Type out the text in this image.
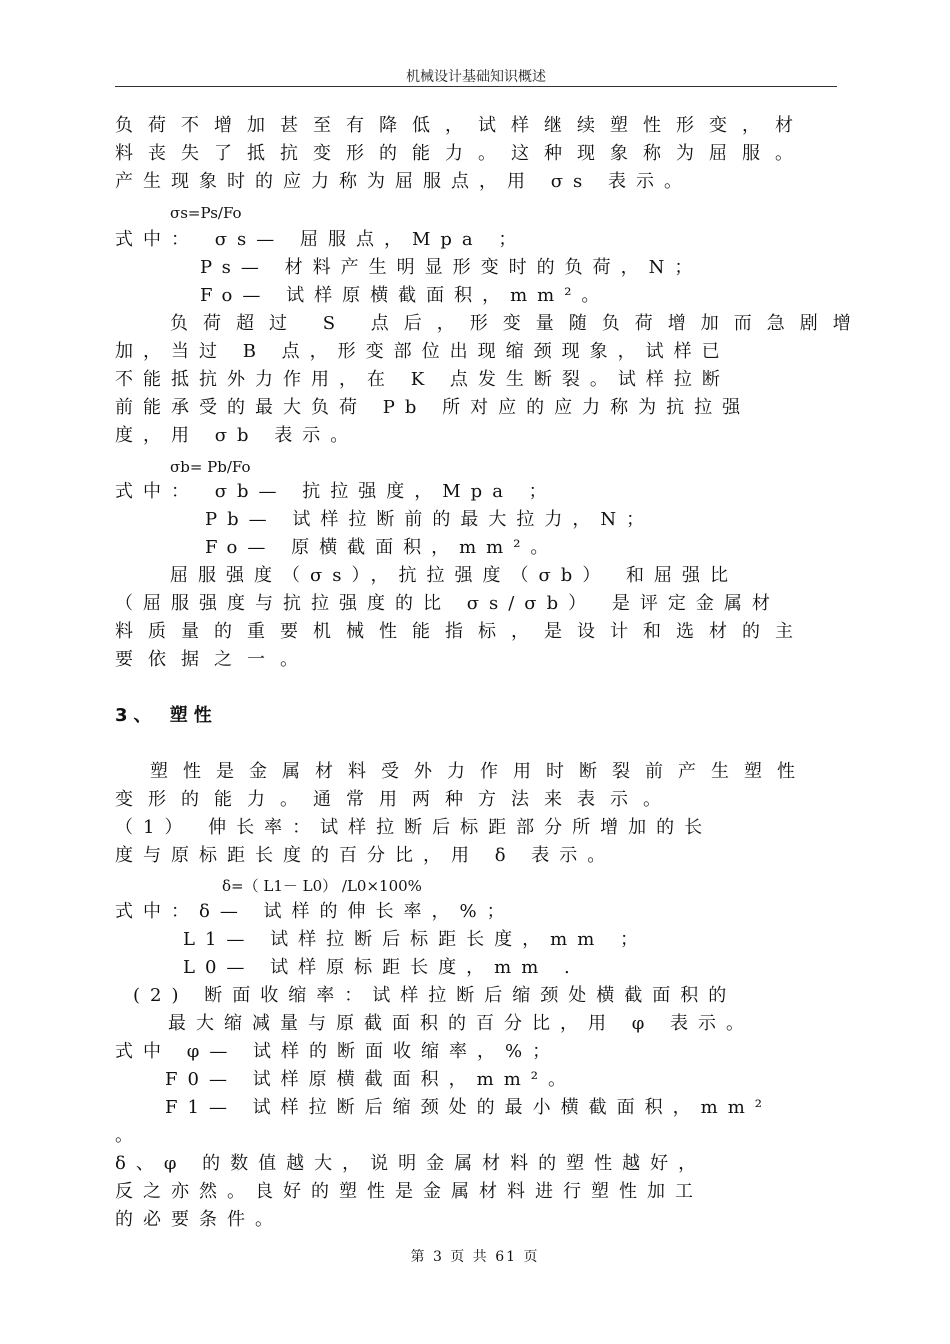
机械设计基础知识概述
负荷不增加甚至有降低，试样继续塑性形变，材
料丧失了抵抗变形的能力。这种现象称为屈服。
产生现象时的应力称为屈服点，用 σs 表示。
σs=Ps/Fo
式中： σs— 屈服点，Mpa ；
Ps— 材料产生明显形变时的负荷，N；
Fo— 试样原横截面积，mm²。
负荷超过 S 点后，形变量随负荷增加而急剧增
加，当过 B 点，形变部位出现缩颈现象，试样已
不能抵抗外力作用，在 K 点发生断裂。试样拉断
前能承受的最大负荷 Pb 所对应的应力称为抗拉强
度，用 σb 表示。
σb= Pb/Fo
式中： σb— 抗拉强度，Mpa ；
Pb— 试样拉断前的最大拉力，N；
Fo— 原横截面积，mm²。
屈服强度（σs），抗拉强度（σb） 和屈强比
（屈服强度与抗拉强度的比 σs/σb） 是评定金属材
料质量的重要机械性能指标，是设计和选材的主
要依据之一。
3、 塑性
塑性是金属材料受外力作用时断裂前产生塑性
变形的能力。通常用两种方法来表示。
（1） 伸长率：试样拉断后标距部分所增加的长
度与原标距长度的百分比，用 δ 表示。
δ=（ L1－ L0） /L0×100%
式中：δ— 试样的伸长率，%；
L1— 试样拉断后标距长度，mm ；
L0— 试样原标距长度，mm .
(2) 断面收缩率：试样拉断后缩颈处横截面积的
最大缩减量与原截面积的百分比，用 φ 表示。
式中 φ— 试样的断面收缩率，%；
F0— 试样原横截面积，mm²。
F1— 试样拉断后缩颈处的最小横截面积，mm²
。
δ、φ 的数值越大，说明金属材料的塑性越好，
反之亦然。良好的塑性是金属材料进行塑性加工
的必要条件。
第 3 页 共 61 页
